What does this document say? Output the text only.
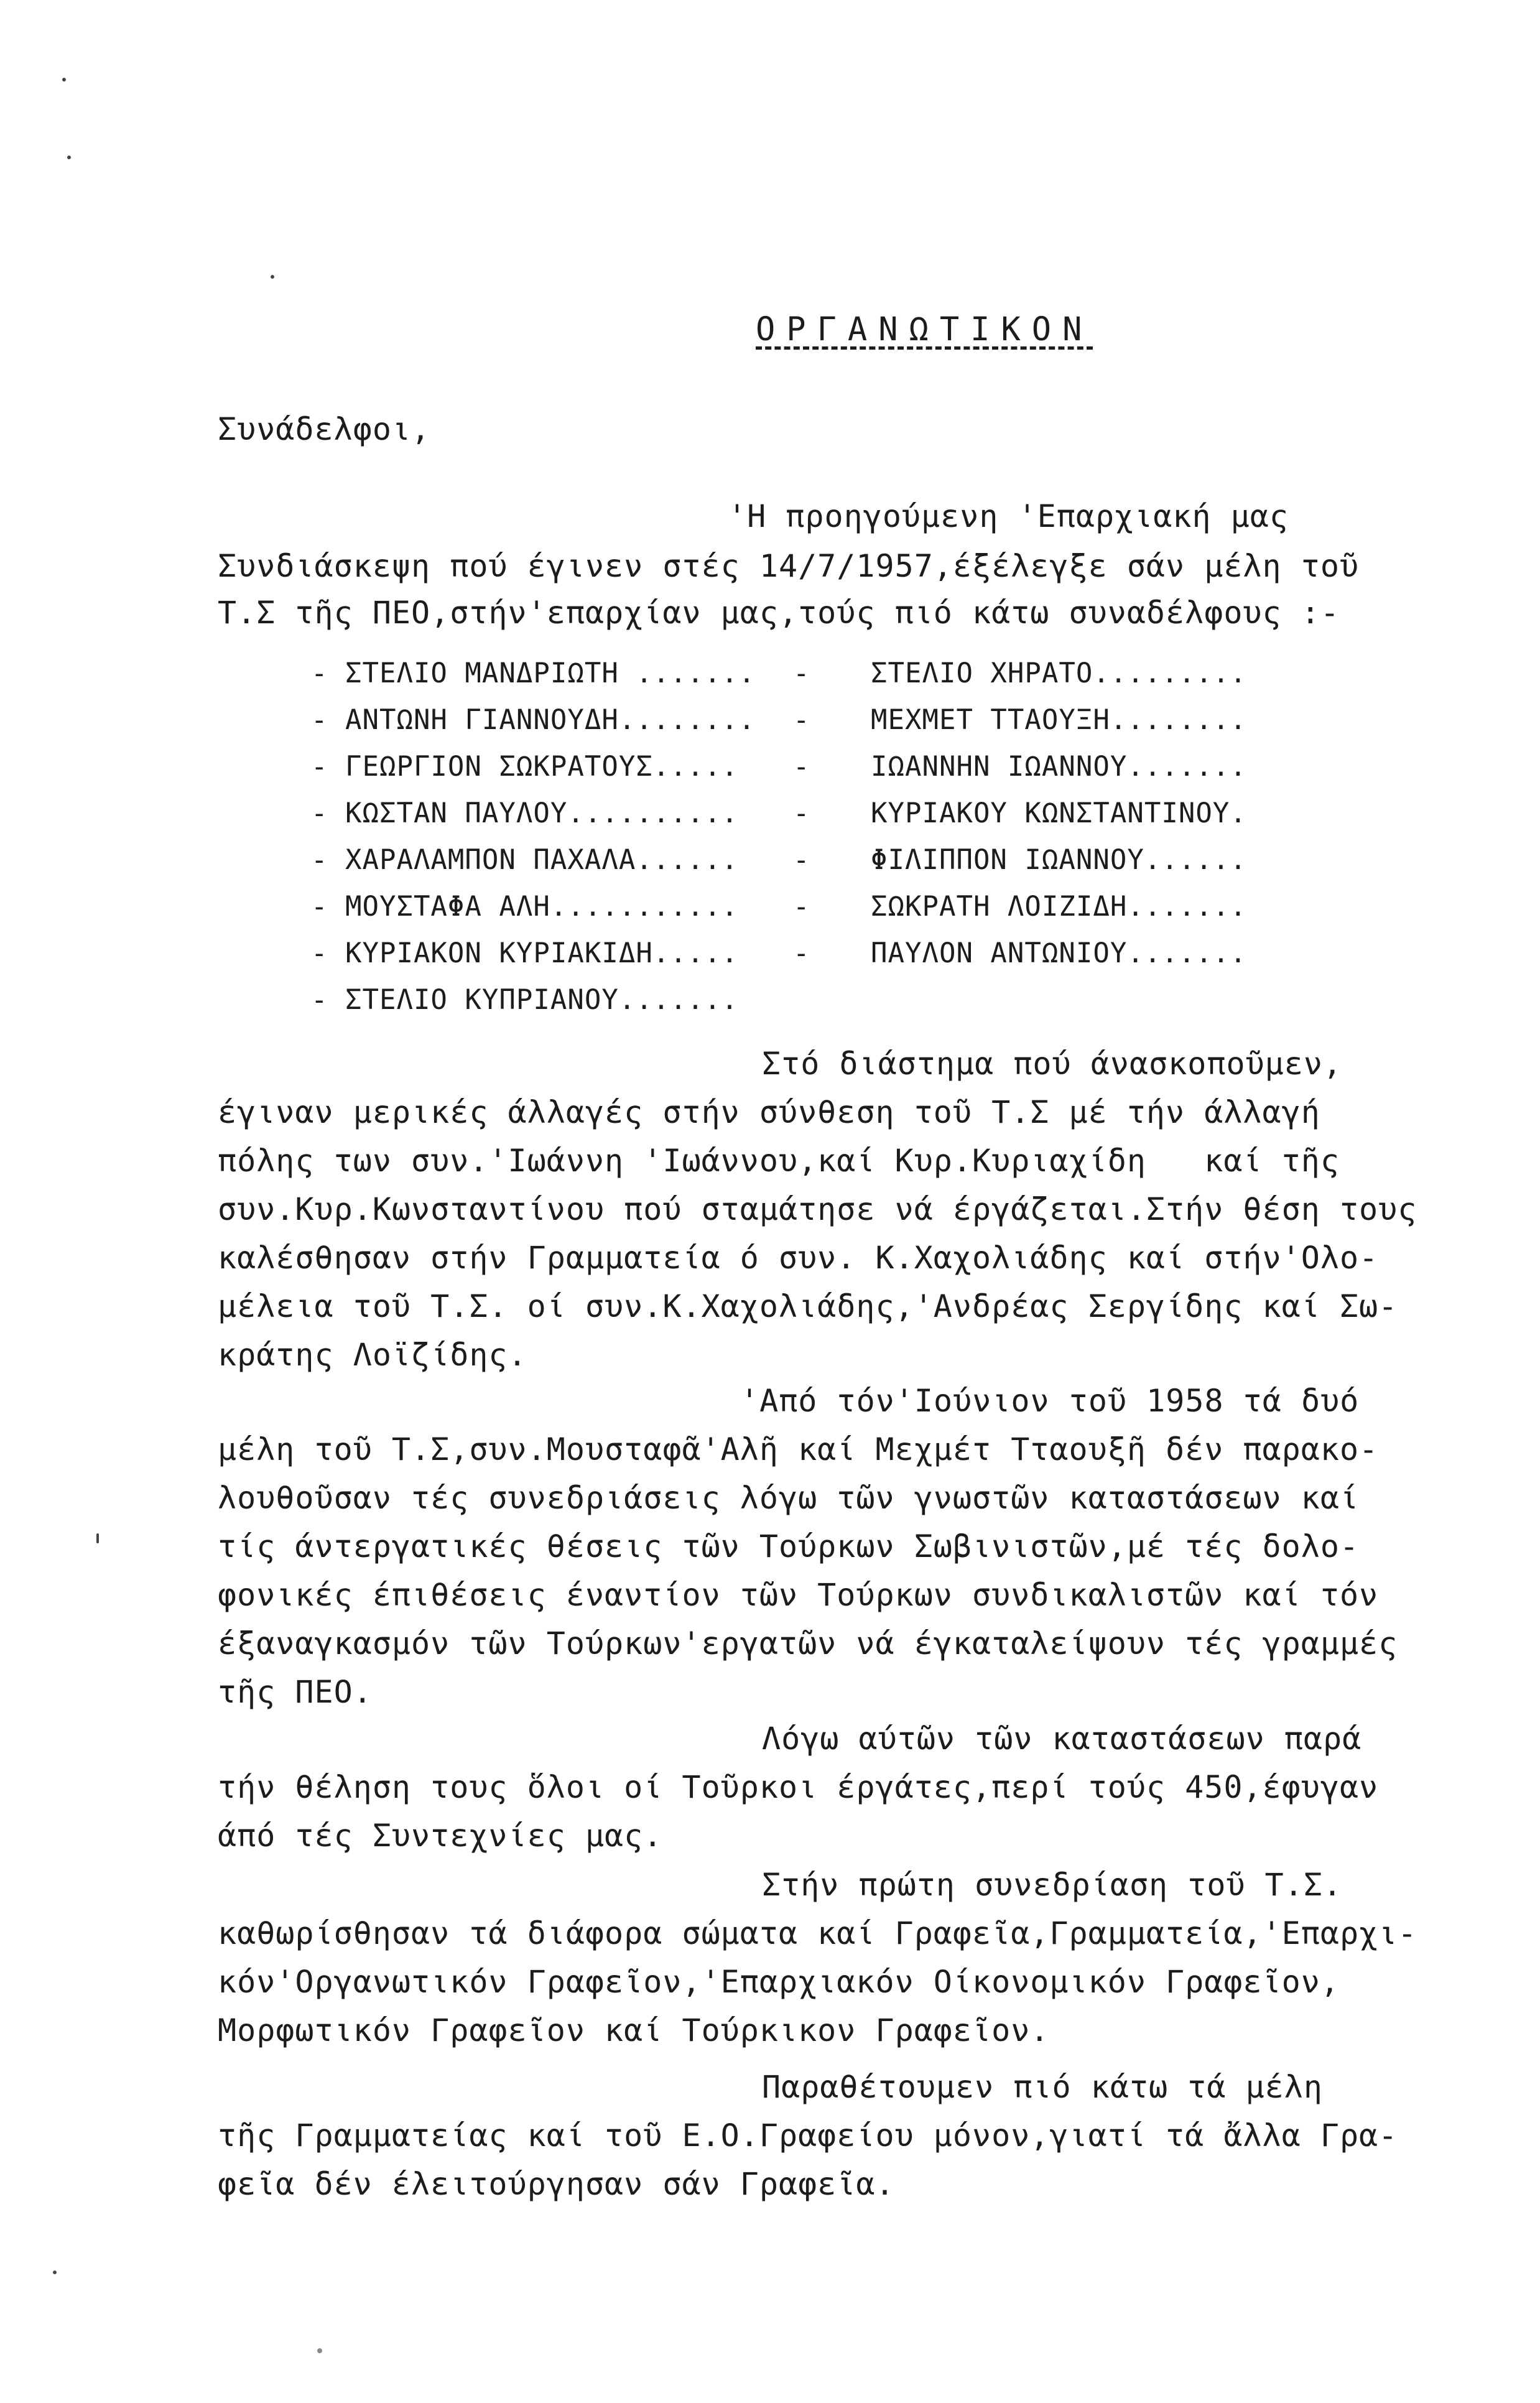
ΟΡΓΑΝΩΤΙΚΟΝ
Συνάδελφοι,
'Η προηγούμενη 'Επαρχιακή μας
Συνδιάσκεψη πού έγινεν στές 14/7/1957,έξέλεγξε σάν μέλη τοῦ
Τ.Σ τῆς ΠΕΟ,στήν'επαρχίαν μας,τούς πιό κάτω συναδέλφους :-
- ΣΤΕΛΙΟ ΜΑΝΔΡΙΩΤΗ .......
- ΑΝΤΩΝΗ ΓΙΑΝΝΟΥΔΗ........
- ΓΕΩΡΓΙΟΝ ΣΩΚΡΑΤΟΥΣ.....
- ΚΩΣΤΑΝ ΠΑΥΛΟΥ..........
- ΧΑΡΑΛΑΜΠΟΝ ΠΑΧΑΛΑ......
- ΜΟΥΣΤΑΦΑ ΑΛΗ...........
- ΚΥΡΙΑΚΟΝ ΚΥΡΙΑΚΙΔΗ.....
- ΣΤΕΛΙΟ ΚΥΠΡΙΑΝΟΥ.......
-
-
-
-
-
-
-
ΣΤΕΛΙΟ ΧΗΡΑΤΟ.........
ΜΕΧΜΕΤ ΤΤΑΟΥΞΗ........
ΙΩΑΝΝΗΝ ΙΩΑΝΝΟΥ.......
ΚΥΡΙΑΚΟΥ ΚΩΝΣΤΑΝΤΙΝΟΥ.
ΦΙΛΙΠΠΟΝ ΙΩΑΝΝΟΥ......
ΣΩΚΡΑΤΗ ΛΟΙΖΙΔΗ.......
ΠΑΥΛΟΝ ΑΝΤΩΝΙΟΥ.......
Στό διάστημα πού άνασκοποῦμεν,
έγιναν μερικές άλλαγές στήν σύνθεση τοῦ Τ.Σ μέ τήν άλλαγή
πόλης των συν.'Ιωάννη 'Ιωάννου,καί Κυρ.Κυριαχίδη   καί τῆς
συν.Κυρ.Κωνσταντίνου πού σταμάτησε νά έργάζεται.Στήν θέση τους
καλέσθησαν στήν Γραμματεία ό συν. Κ.Χαχολιάδης καί στήν'Ολο-
μέλεια τοῦ Τ.Σ. οί συν.Κ.Χαχολιάδης,'Ανδρέας Σεργίδης καί Σω-
κράτης Λοϊζίδης.
'Από τόν'Ιούνιον τοῦ 1958 τά δυό
μέλη τοῦ Τ.Σ,συν.Μουσταφᾶ'Αλῆ καί Μεχμέτ Τταουξῆ δέν παρακο-
λουθοῦσαν τές συνεδριάσεις λόγω τῶν γνωστῶν καταστάσεων καί
τίς άντεργατικές θέσεις τῶν Τούρκων Σωβινιστῶν,μέ τές δολο-
φονικές έπιθέσεις έναντίον τῶν Τούρκων συνδικαλιστῶν καί τόν
έξαναγκασμόν τῶν Τούρκων'εργατῶν νά έγκαταλείψουν τές γραμμές
τῆς ΠΕΟ.
Λόγω αύτῶν τῶν καταστάσεων παρά
τήν θέληση τους ὅλοι οί Τοῦρκοι έργάτες,περί τούς 450,έφυγαν
άπό τές Συντεχνίες μας.
Στήν πρώτη συνεδρίαση τοῦ Τ.Σ.
καθωρίσθησαν τά διάφορα σώματα καί Γραφεῖα,Γραμματεία,'Επαρχι-
κόν'Οργανωτικόν Γραφεῖον,'Επαρχιακόν Οίκονομικόν Γραφεῖον,
Μορφωτικόν Γραφεῖον καί Τούρκικον Γραφεῖον.
Παραθέτουμεν πιό κάτω τά μέλη
τῆς Γραμματείας καί τοῦ Ε.Ο.Γραφείου μόνον,γιατί τά ἄλλα Γρα-
φεῖα δέν έλειτούργησαν σάν Γραφεῖα.
